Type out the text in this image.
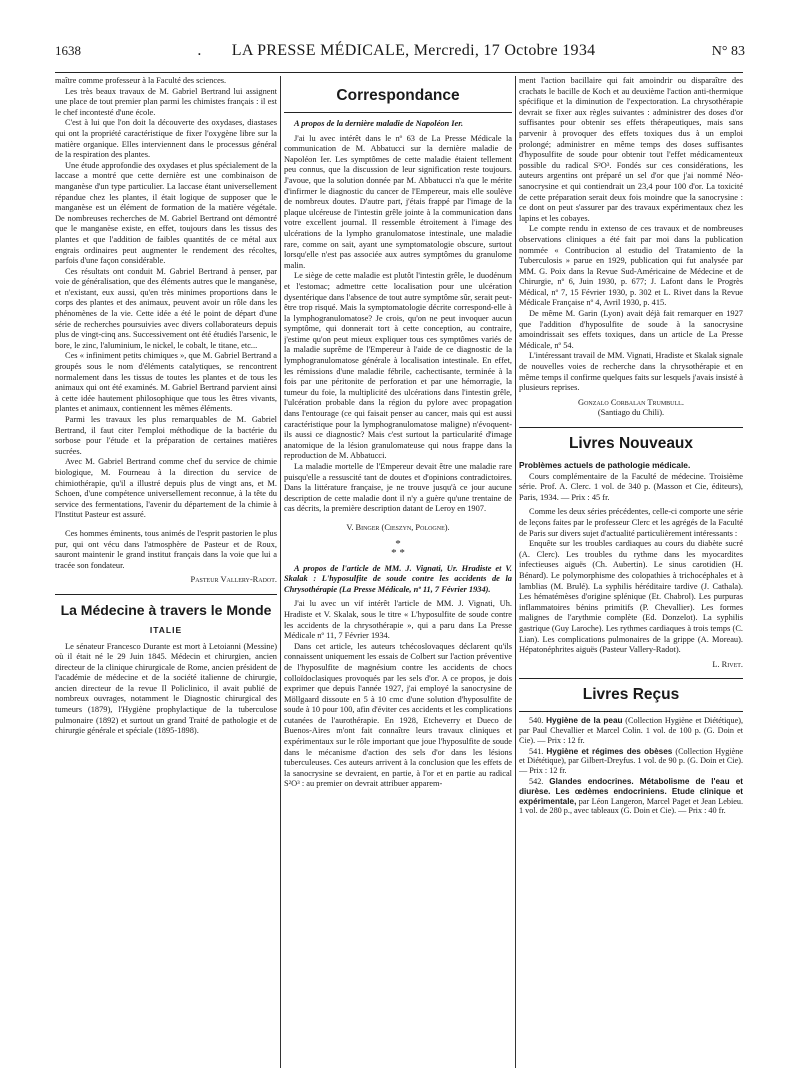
1638	. LA PRESSE MÉDICALE, Mercredi, 17 Octobre 1934	N° 83

maître comme professeur à la Faculté des sciences.

Les très beaux travaux de M. Gabriel Bertrand lui assignent une place de tout premier plan parmi les chimistes français : il est le chef incontesté d'une école.

C'est à lui que l'on doit la découverte des oxydases, diastases qui ont la propriété caractéristique de fixer l'oxygène libre sur la matière organique. Elles interviennent dans le processus général de la respiration des plantes.

Une étude approfondie des oxydases et plus spécialement de la laccase a montré que cette dernière est une combinaison de manganèse d'un type particulier. La laccase étant universellement répandue chez les plantes, il était logique de supposer que le manganèse est un élément de formation de la matière végétale. De nombreuses recherches de M. Gabriel Bertrand ont démontré que le manganèse existe, en effet, toujours dans les tissus des plantes et que l'addition de faibles quantités de ce métal aux engrais ordinaires peut augmenter le rendement des récoltes, parfois d'une façon considérable.

Ces résultats ont conduit M. Gabriel Bertrand à penser, par voie de généralisation, que des éléments autres que le manganèse, et n'existant, eux aussi, qu'en très minimes proportions dans le corps des plantes et des animaux, peuvent avoir un rôle dans les phénomènes de la vie. Cette idée a été le point de départ d'une série de recherches poursuivies avec divers collaborateurs depuis plus de vingt-cinq ans. Successivement ont été étudiés l'arsenic, le bore, le zinc, l'aluminium, le nickel, le cobalt, le titane, etc...

Ces « infiniment petits chimiques », que M. Gabriel Bertrand a groupés sous le nom d'éléments catalytiques, se rencontrent normalement dans les tissus de toutes les plantes et de tous les animaux qui ont été examinés. M. Gabriel Bertrand parvient ainsi à cette idée hautement philosophique que tous les êtres vivants, plantes et animaux, contiennent les mêmes éléments.

Parmi les travaux les plus remarquables de M. Gabriel Bertrand, il faut citer l'emploi méthodique de la bactérie du sorbose pour l'étude et la préparation de certaines matières sucrées.

Avec M. Gabriel Bertrand comme chef du service de chimie biologique, M. Fourneau à la direction du service de chimiothérapie, qu'il a illustré depuis plus de vingt ans, et M. Schoen, d'une compétence universellement reconnue, à la tête du service des fermentations, l'avenir du département de la chimie à l'Institut Pasteur est assuré.

Ces hommes éminents, tous animés de l'esprit pastorien le plus pur, qui ont vécu dans l'atmosphère de Pasteur et de Roux, sauront maintenir le grand institut français dans la voie que lui a tracée son fondateur.

Pasteur Vallery-Radot.
La Médecine à travers le Monde
ITALIE

Le sénateur Francesco Durante est mort à Letoianni (Messine) où il était né le 29 Juin 1845. Médecin et chirurgien, ancien directeur de la clinique chirurgicale de Rome, ancien président de l'académie de médecine et de la société italienne de chirurgie, ancien directeur de la revue Il Policlinico, il avait publié de nombreux ouvrages, notamment le Diagnostic chirurgical des tumeurs (1879), l'Hygiène prophylactique de la tuberculose pulmonaire (1892) et surtout un grand Traité de pathologie et de chirurgie générale et spéciale (1895-1898).

Correspondance

A propos de la dernière maladie de Napoléon Ier.

J'ai lu avec intérêt dans le nº 63 de La Presse Médicale la communication de M. Abbatucci sur la dernière maladie de Napoléon Ier. Les symptômes de cette maladie étaient tellement peu connus, que la discussion de leur signification reste toujours. J'avoue, que la solution donnée par M. Abbatucci n'a que le mérite d'infirmer le diagnostic du cancer de l'Empereur, mais elle soulève de nombreux doutes. D'autre part, j'étais frappé par l'image de la plaque ulcéreuse de l'intestin grêle jointe à la communication dans votre excellent journal. Il ressemble étroitement à l'image des ulcérations de la lympho granulomatose intestinale, une maladie rare, comme on sait, ayant une symptomatologie obscure, surtout lorsqu'elle n'est pas associée aux autres symptômes du granulome malin.

Le siège de cette maladie est plutôt l'intestin grêle, le duodénum et l'estomac; admettre cette localisation pour une ulcération dysentérique dans l'absence de tout autre symptôme sûr, serait peut-être trop risqué. Mais la symptomatologie décrite correspond-elle à la lymphogranulomatose? Je crois, qu'on ne peut invoquer aucun symptôme, qui donnerait tort à cette conception, au contraire, j'estime qu'on peut mieux expliquer tous ces symptômes variés de la maladie suprême de l'Empereur à l'aide de ce diagnostic de la lymphogranulomatose générale à localisation intestinale. En effet, les rémissions d'une maladie fébrile, cachectisante, terminée à la fois par une péritonite de perforation et par une hémorragie, la tumeur du foie, la multiplicité des ulcérations dans l'intestin grêle, l'ulcération probable dans la région du pylore avec propagation dans l'entourage (ce qui faisait penser au cancer, mais qui est aussi caractéristique pour la lymphogranulomatose maligne) n'évoquent-ils aussi ce diagnostic? Mais c'est surtout la particularité d'image anatomique de la lésion granulomateuse qui nous frappe dans la reproduction de M. Abbatucci.

La maladie mortelle de l'Empereur devait être une maladie rare puisqu'elle a ressuscité tant de doutes et d'opinions contradictoires. Dans la littérature française, je ne trouve jusqu'à ce jour aucune description de cette maladie dont il n'y a guère qu'une trentaine de cas décrits, la première description datant de Leroy en 1907.

V. Binger (Cieszyn, Pologne).
*
* *

A propos de l'article de MM. J. Vignati, Ur. Hradiste et V. Skalak : L'hyposulfite de soude contre les accidents de la Chrysothérapie (La Presse Médicale, nº 11, 7 Février 1934).

J'ai lu avec un vif intérêt l'article de MM. J. Vignati, Uh. Hradiste et V. Skalak, sous le titre « L'hyposulfite de soude contre les accidents de la chrysothérapie », qui a paru dans La Presse Médicale nº 11, 7 Février 1934.

Dans cet article, les auteurs tchécoslovaques déclarent qu'ils connaissent uniquement les essais de Colbert sur l'action préventive de l'hyposulfite de magnésium contre les accidents de chocs colloïdoclasiques provoqués par les sels d'or. A ce propos, je dois exprimer que depuis l'année 1927, j'ai employé la sanocrysine de Möllgaard dissoute en 5 à 10 cmc d'une solution d'hyposulfite de soude à 10 pour 100, afin d'éviter ces accidents et les complications cutanées de l'aurothérapie. En 1928, Etcheverry et Dueco de Buenos-Aires m'ont fait connaître leurs travaux cliniques et expérimentaux sur le rôle important que joue l'hyposulfite de soude dans le mécanisme d'action des sels d'or dans les lésions tuberculeuses. Ces auteurs arrivent à la conclusion que les effets de la sanocrysine se devraient, en partie, à l'or et en partie au radical S²O³ : au premier on devrait attribuer apparem-

ment l'action bacillaire qui fait amoindrir ou disparaître des crachats le bacille de Koch et au deuxième l'action anti-thermique spécifique et la diminution de l'expectoration. La chrysothérapie devrait se fixer aux règles suivantes : administrer des doses d'or suffisantes pour obtenir ses effets thérapeutiques, mais sans parvenir à provoquer des effets toxiques dus à un emploi prolongé; administrer en même temps des doses suffisantes d'hyposulfite de soude pour obtenir tout l'effet médicamenteux possible du radical S²O³. Fondés sur ces considérations, les auteurs argentins ont préparé un sel d'or que j'ai nommé Néo-sanocrysine et qui contiendrait un 23,4 pour 100 d'or. La toxicité de cette préparation serait deux fois moindre que la sanocrysine : ce dont on peut s'assurer par des travaux expérimentaux chez les lapins et les cobayes.

Le compte rendu in extenso de ces travaux et de nombreuses observations cliniques a été fait par moi dans la publication nommée « Contribucion al estudio del Tratamiento de la Tuberculosis » parue en 1929, publication qui fut analysée par MM. G. Poix dans la Revue Sud-Américaine de Médecine et de Chirurgie, nº 6, Juin 1930, p. 677; J. Lafont dans le Progrès Médical, nº 7, 15 Février 1930, p. 302 et L. Rivet dans la Revue Médicale Française nº 4, Avril 1930, p. 415.

De même M. Garin (Lyon) avait déjà fait remarquer en 1927 que l'addition d'hyposulfite de soude à la sanocrysine amoindrissait ses effets toxiques, dans un article de La Presse Médicale, nº 54.

L'intéressant travail de MM. Vignati, Hradiste et Skalak signale de nouvelles voies de recherche dans la chrysothérapie et en même temps il confirme quelques faits sur lesquels j'avais insisté à plusieurs reprises.

Gonzalo Corbalan Trumbull.
(Santiago du Chili).
Livres Nouveaux

Problèmes actuels de pathologie médicale.

Cours complémentaire de la Faculté de médecine. Troisième série. Prof. A. Clerc. 1 vol. de 340 p. (Masson et Cie, éditeurs), Paris, 1934. — Prix : 45 fr.

Comme les deux séries précédentes, celle-ci comporte une série de leçons faites par le professeur Clerc et les agrégés de la Faculté de Paris sur divers sujet d'actualité particulièrement intéressants :

Enquête sur les troubles cardiaques au cours du diabète sucré (A. Clerc). Les troubles du rythme dans les myocardites infectieuses aiguës (Ch. Aubertin). Le sinus carotidien (H. Bénard). Le polymorphisme des colopathies à trichocéphales et à lamblias (M. Brulé). La syphilis héréditaire tardive (J. Cathala). Les hématémèses d'origine splénique (Et. Chabrol). Les purpuras inflammatoires bénins primitifs (P. Chevallier). Les formes malignes de l'arythmie complète (Ed. Donzelot). La syphilis gastrique (Guy Laroche). Les rythmes cardiaques à trois temps (C. Lian). Les complications pulmonaires de la grippe (A. Moreau). Hépatonéphrites aiguës (Pasteur Vallery-Radot).

L. Rivet.
Livres Reçus

540. Hygiène de la peau (Collection Hygiène et Diététique), par Paul Chevallier et Marcel Colin. 1 vol. de 100 p. (G. Doin et Cie). — Prix : 12 fr.

541. Hygiène et régimes des obèses (Collection Hygiène et Diététique), par Gilbert-Dreyfus. 1 vol. de 90 p. (G. Doin et Cie). — Prix : 12 fr.

542. Glandes endocrines. Métabolisme de l'eau et diurèse. Les œdèmes endocriniens. Etude clinique et expérimentale, par Léon Langeron, Marcel Paget et Jean Lebieu. 1 vol. de 280 p., avec tableaux (G. Doin et Cie). — Prix : 40 fr.
